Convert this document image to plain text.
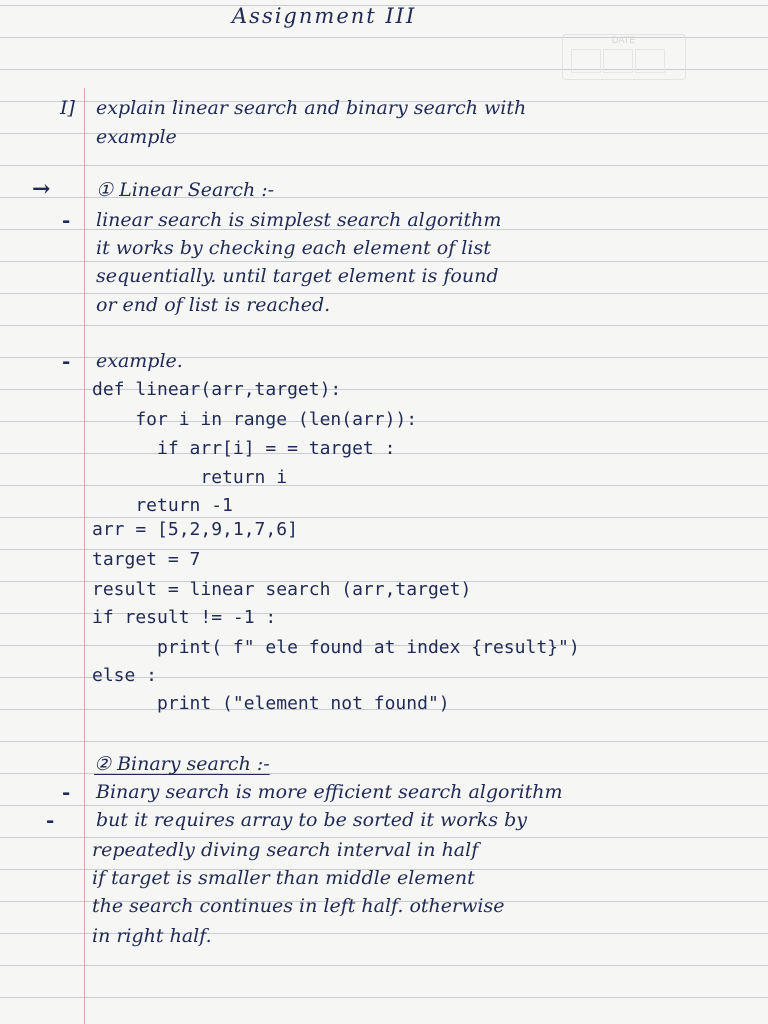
DATE
Assignment III
I] explain linear search and binary search with
example
→ ① Linear Search :-
- linear search is simplest search algorithm
it works by checking each element of list
sequentially. until target element is found
or end of list is reached.
- example.
def linear(arr,target):
for i in range (len(arr)):
if arr[i] = = target :
return i
return -1
arr = [5,2,9,1,7,6]
target = 7
result = linear search (arr,target)
if result != -1 :
print( f" ele found at index {result}")
else :
print ("element not found")
② Binary search :-
-
-
Binary search is more efficient search algorithm
but it requires array to be sorted it works by
repeatedly diving search interval in half
if target is smaller than middle element
the search continues in left half. otherwise
in right half.
